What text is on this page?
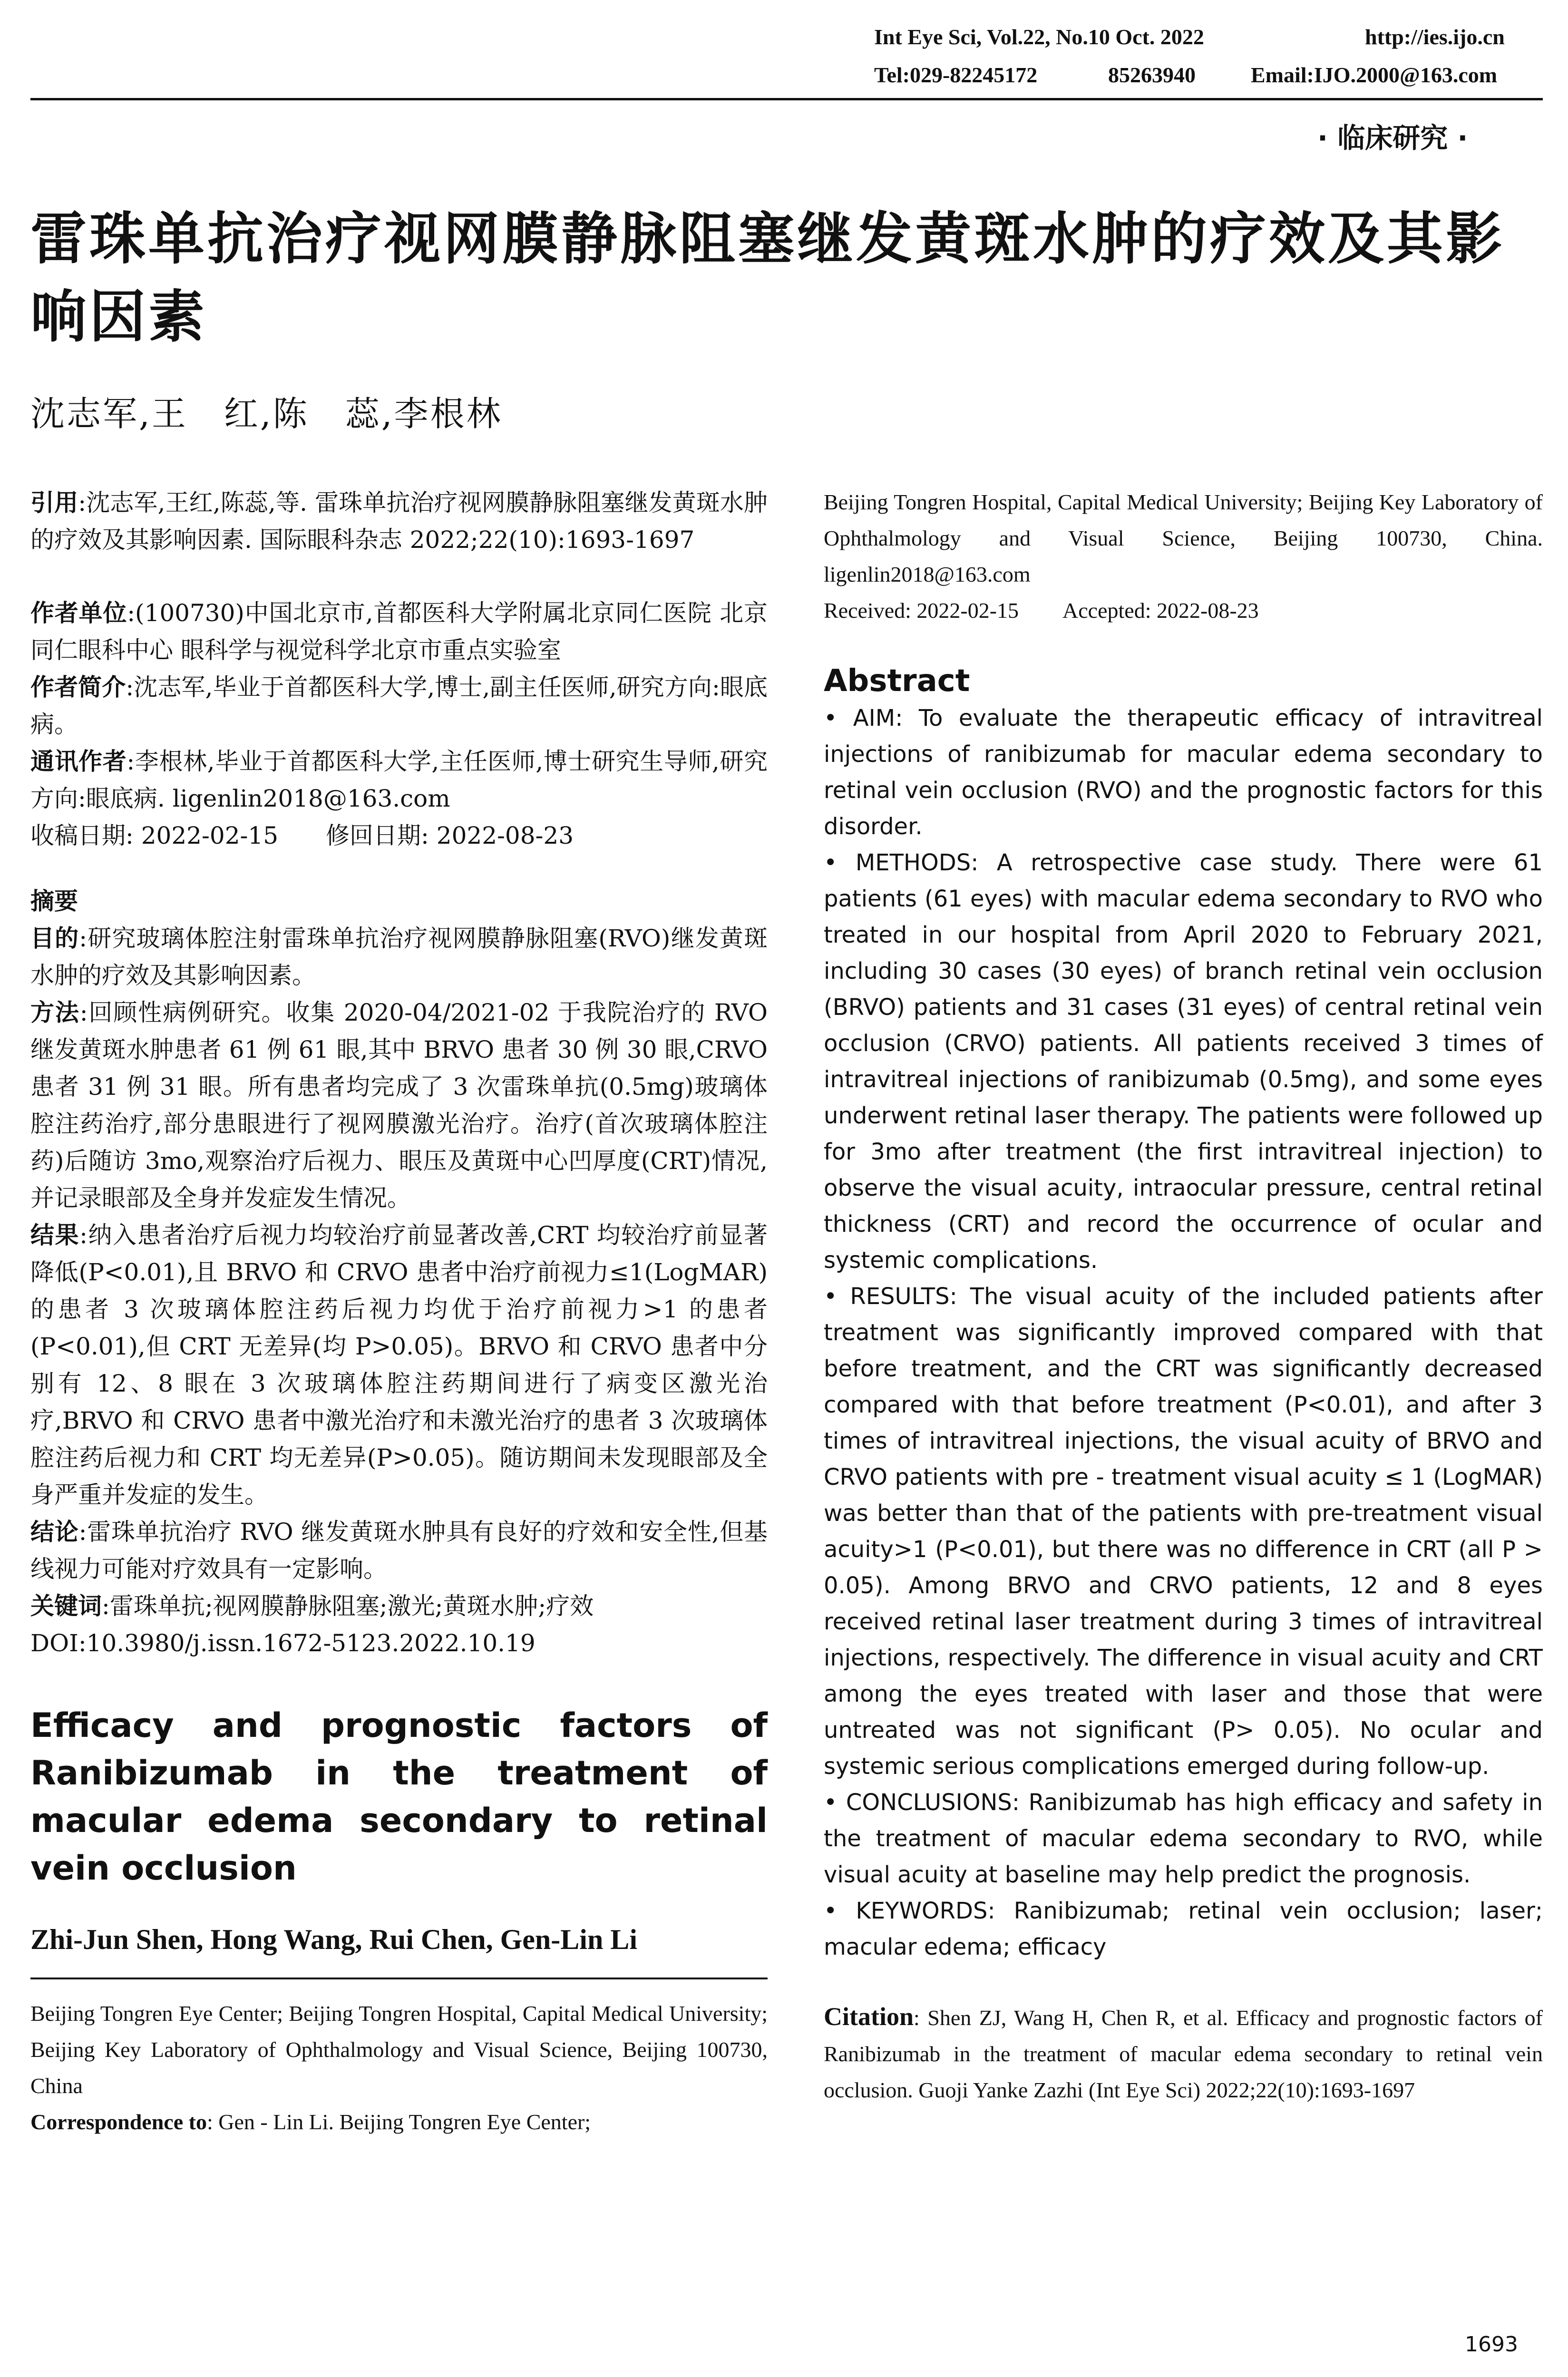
Int Eye Sci, Vol.22, No.10 Oct. 2022	http://ies.ijo.cn
Tel:029-82245172	85263940	Email:IJO.2000@163.com
· 临床研究 ·
雷珠单抗治疗视网膜静脉阻塞继发黄斑水肿的疗效及其影响因素
沈志军,王　红,陈　蕊,李根林
引用:沈志军,王红,陈蕊,等. 雷珠单抗治疗视网膜静脉阻塞继发黄斑水肿的疗效及其影响因素. 国际眼科杂志 2022;22(10):1693-1697
作者单位:(100730)中国北京市,首都医科大学附属北京同仁医院 北京同仁眼科中心 眼科学与视觉科学北京市重点实验室
作者简介:沈志军,毕业于首都医科大学,博士,副主任医师,研究方向:眼底病。
通讯作者:李根林,毕业于首都医科大学,主任医师,博士研究生导师,研究方向:眼底病. ligenlin2018@163.com
收稿日期: 2022-02-15　　修回日期: 2022-08-23
摘要
目的:研究玻璃体腔注射雷珠单抗治疗视网膜静脉阻塞(RVO)继发黄斑水肿的疗效及其影响因素。
方法:回顾性病例研究。收集 2020-04/2021-02 于我院治疗的 RVO 继发黄斑水肿患者 61 例 61 眼,其中 BRVO 患者 30 例 30 眼,CRVO 患者 31 例 31 眼。所有患者均完成了 3 次雷珠单抗(0.5mg)玻璃体腔注药治疗,部分患眼进行了视网膜激光治疗。治疗(首次玻璃体腔注药)后随访 3mo,观察治疗后视力、眼压及黄斑中心凹厚度(CRT)情况,并记录眼部及全身并发症发生情况。
结果:纳入患者治疗后视力均较治疗前显著改善,CRT 均较治疗前显著降低(P<0.01),且 BRVO 和 CRVO 患者中治疗前视力≤1(LogMAR)的患者 3 次玻璃体腔注药后视力均优于治疗前视力>1 的患者(P<0.01),但 CRT 无差异(均 P>0.05)。BRVO 和 CRVO 患者中分别有 12、8 眼在 3 次玻璃体腔注药期间进行了病变区激光治疗,BRVO 和 CRVO 患者中激光治疗和未激光治疗的患者 3 次玻璃体腔注药后视力和 CRT 均无差异(P>0.05)。随访期间未发现眼部及全身严重并发症的发生。
结论:雷珠单抗治疗 RVO 继发黄斑水肿具有良好的疗效和安全性,但基线视力可能对疗效具有一定影响。
关键词:雷珠单抗;视网膜静脉阻塞;激光;黄斑水肿;疗效
DOI:10.3980/j.issn.1672-5123.2022.10.19
Efficacy and prognostic factors of Ranibizumab in the treatment of macular edema secondary to retinal vein occlusion
Zhi-Jun Shen, Hong Wang, Rui Chen, Gen-Lin Li
Beijing Tongren Eye Center; Beijing Tongren Hospital, Capital Medical University; Beijing Key Laboratory of Ophthalmology and Visual Science, Beijing 100730, China
Correspondence to: Gen - Lin Li. Beijing Tongren Eye Center;
Beijing Tongren Hospital, Capital Medical University; Beijing Key Laboratory of Ophthalmology and Visual Science, Beijing 100730, China. ligenlin2018@163.com
Received: 2022-02-15　　Accepted: 2022-08-23
Abstract
• AIM: To evaluate the therapeutic efficacy of intravitreal injections of ranibizumab for macular edema secondary to retinal vein occlusion (RVO) and the prognostic factors for this disorder.
• METHODS: A retrospective case study. There were 61 patients (61 eyes) with macular edema secondary to RVO who treated in our hospital from April 2020 to February 2021, including 30 cases (30 eyes) of branch retinal vein occlusion (BRVO) patients and 31 cases (31 eyes) of central retinal vein occlusion (CRVO) patients. All patients received 3 times of intravitreal injections of ranibizumab (0.5mg), and some eyes underwent retinal laser therapy. The patients were followed up for 3mo after treatment (the first intravitreal injection) to observe the visual acuity, intraocular pressure, central retinal thickness (CRT) and record the occurrence of ocular and systemic complications.
• RESULTS: The visual acuity of the included patients after treatment was significantly improved compared with that before treatment, and the CRT was significantly decreased compared with that before treatment (P<0.01), and after 3 times of intravitreal injections, the visual acuity of BRVO and CRVO patients with pre - treatment visual acuity ≤ 1 (LogMAR) was better than that of the patients with pre-treatment visual acuity>1 (P<0.01), but there was no difference in CRT (all P > 0.05). Among BRVO and CRVO patients, 12 and 8 eyes received retinal laser treatment during 3 times of intravitreal injections, respectively. The difference in visual acuity and CRT among the eyes treated with laser and those that were untreated was not significant (P> 0.05). No ocular and systemic serious complications emerged during follow-up.
• CONCLUSIONS: Ranibizumab has high efficacy and safety in the treatment of macular edema secondary to RVO, while visual acuity at baseline may help predict the prognosis.
• KEYWORDS: Ranibizumab; retinal vein occlusion; laser; macular edema; efficacy
Citation: Shen ZJ, Wang H, Chen R, et al. Efficacy and prognostic factors of Ranibizumab in the treatment of macular edema secondary to retinal vein occlusion. Guoji Yanke Zazhi (Int Eye Sci) 2022;22(10):1693-1697
1693
